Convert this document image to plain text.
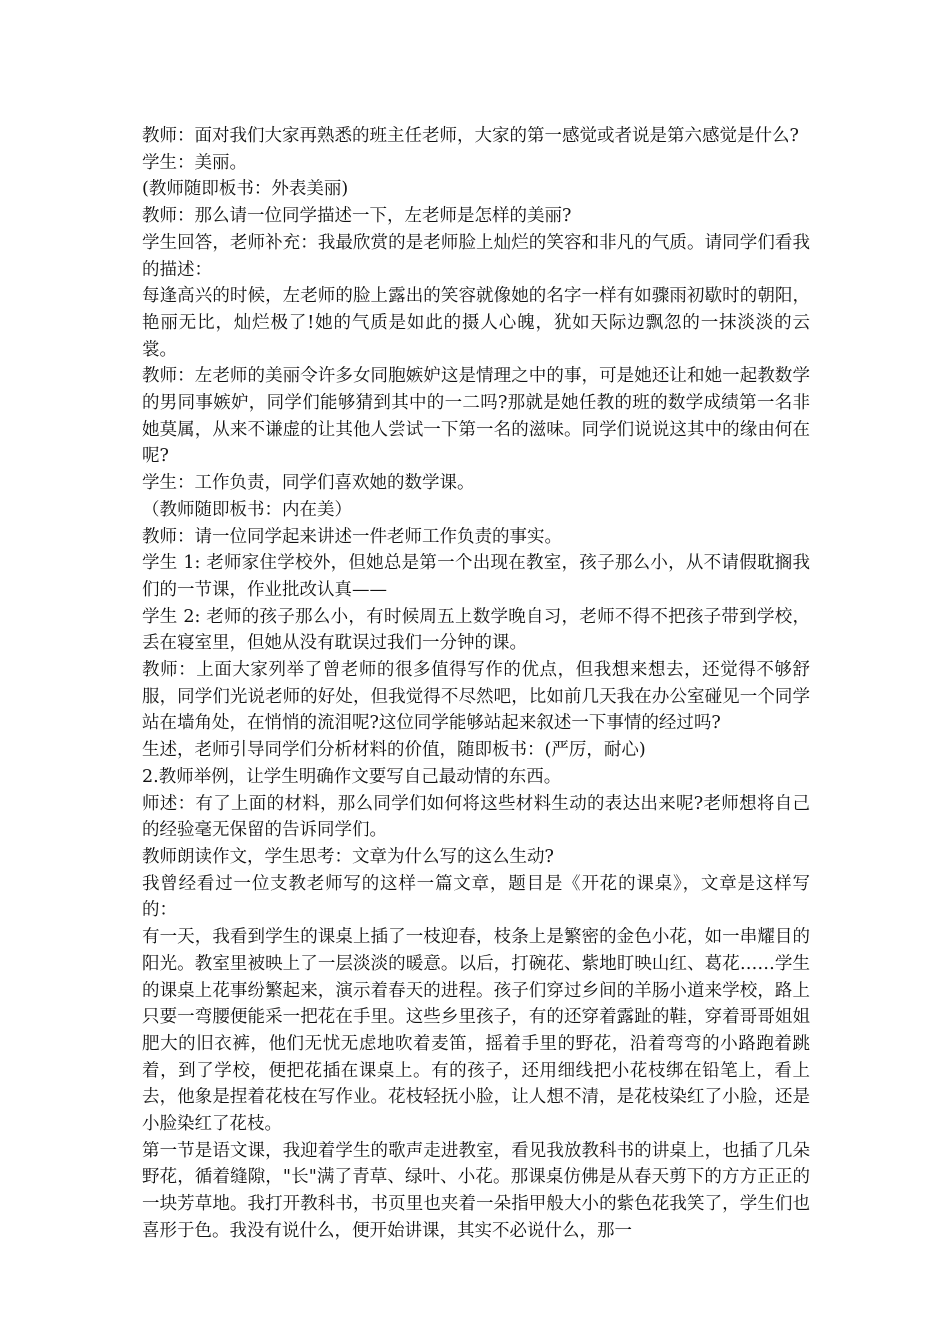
教师：面对我们大家再熟悉的班主任老师，大家的第一感觉或者说是第六感觉是什么?

学生：美丽。

(教师随即板书：外表美丽)

教师：那么请一位同学描述一下，左老师是怎样的美丽?

学生回答，老师补充：我最欣赏的是老师脸上灿烂的笑容和非凡的气质。请同学们看我的描述：

每逢高兴的时候，左老师的脸上露出的笑容就像她的名字一样有如骤雨初歇时的朝阳，艳丽无比，灿烂极了!她的气质是如此的摄人心魄，犹如天际边飘忽的一抹淡淡的云裳。

教师：左老师的美丽令许多女同胞嫉妒这是情理之中的事，可是她还让和她一起教数学的男同事嫉妒，同学们能够猜到其中的一二吗?那就是她任教的班的数学成绩第一名非她莫属，从来不谦虚的让其他人尝试一下第一名的滋味。同学们说说这其中的缘由何在呢?

学生：工作负责，同学们喜欢她的数学课。

（教师随即板书：内在美）

教师：请一位同学起来讲述一件老师工作负责的事实。

学生 1: 老师家住学校外，但她总是第一个出现在教室，孩子那么小，从不请假耽搁我们的一节课，作业批改认真——

学生 2: 老师的孩子那么小，有时候周五上数学晚自习，老师不得不把孩子带到学校，丢在寝室里，但她从没有耽误过我们一分钟的课。

教师：上面大家列举了曾老师的很多值得写作的优点，但我想来想去，还觉得不够舒服，同学们光说老师的好处，但我觉得不尽然吧，比如前几天我在办公室碰见一个同学站在墙角处，在悄悄的流泪呢?这位同学能够站起来叙述一下事情的经过吗?

生述，老师引导同学们分析材料的价值，随即板书：(严厉，耐心)

2.教师举例，让学生明确作文要写自己最动情的东西。

师述：有了上面的材料，那么同学们如何将这些材料生动的表达出来呢?老师想将自己的经验毫无保留的告诉同学们。

教师朗读作文，学生思考：文章为什么写的这么生动?

我曾经看过一位支教老师写的这样一篇文章，题目是《开花的课桌》，文章是这样写的：

有一天，我看到学生的课桌上插了一枝迎春，枝条上是繁密的金色小花，如一串耀目的阳光。教室里被映上了一层淡淡的暖意。以后，打碗花、紫地盯映山红、葛花……学生的课桌上花事纷繁起来，演示着春天的进程。孩子们穿过乡间的羊肠小道来学校，路上只要一弯腰便能采一把花在手里。这些乡里孩子，有的还穿着露趾的鞋，穿着哥哥姐姐肥大的旧衣裤，他们无忧无虑地吹着麦笛，摇着手里的野花，沿着弯弯的小路跑着跳着，到了学校，便把花插在课桌上。有的孩子，还用细线把小花枝绑在铅笔上，看上去，他象是捏着花枝在写作业。花枝轻抚小脸，让人想不清，是花枝染红了小脸，还是小脸染红了花枝。

第一节是语文课，我迎着学生的歌声走进教室，看见我放教科书的讲桌上，也插了几朵野花，循着缝隙，"长"满了青草、绿叶、小花。那课桌仿佛是从春天剪下的方方正正的一块芳草地。我打开教科书，书页里也夹着一朵指甲般大小的紫色花我笑了，学生们也喜形于色。我没有说什么，便开始讲课，其实不必说什么，那一
